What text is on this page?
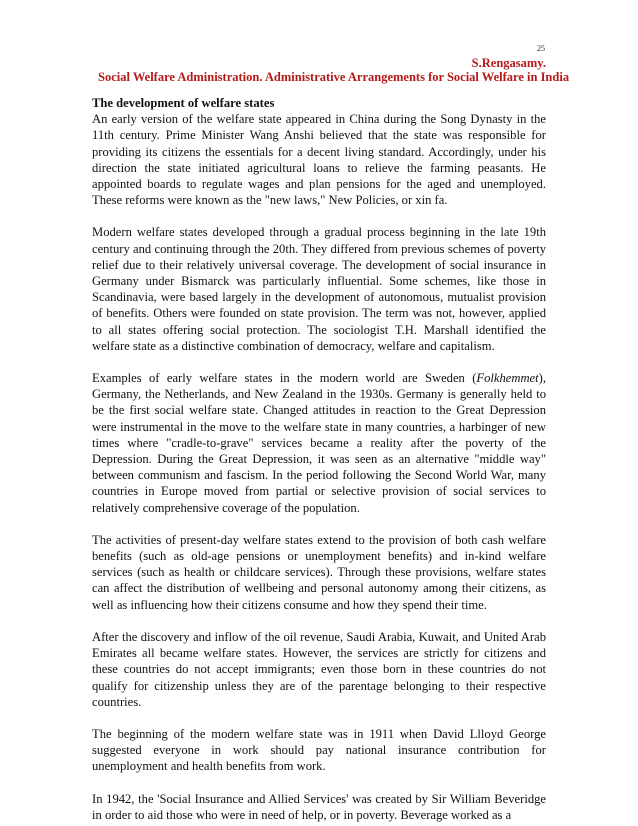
25
S.Rengasamy.
Social Welfare Administration. Administrative Arrangements for Social Welfare in India

The development of welfare states

An early version of the welfare state appeared in China during the Song Dynasty in the 11th century. Prime Minister Wang Anshi believed that the state was responsible for providing its citizens the essentials for a decent living standard. Accordingly, under his direction the state initiated agricultural loans to relieve the farming peasants. He appointed boards to regulate wages and plan pensions for the aged and unemployed. These reforms were known as the "new laws," New Policies, or xin fa.

Modern welfare states developed through a gradual process beginning in the late 19th century and continuing through the 20th. They differed from previous schemes of poverty relief due to their relatively universal coverage. The development of social insurance in Germany under Bismarck was particularly influential. Some schemes, like those in Scandinavia, were based largely in the development of autonomous, mutualist provision of benefits. Others were founded on state provision. The term was not, however, applied to all states offering social protection. The sociologist T.H. Marshall identified the welfare state as a distinctive combination of democracy, welfare and capitalism.

Examples of early welfare states in the modern world are Sweden (Folkhemmet), Germany, the Netherlands, and New Zealand in the 1930s. Germany is generally held to be the first social welfare state. Changed attitudes in reaction to the Great Depression were instrumental in the move to the welfare state in many countries, a harbinger of new times where "cradle-to-grave" services became a reality after the poverty of the Depression. During the Great Depression, it was seen as an alternative "middle way" between communism and fascism. In the period following the Second World War, many countries in Europe moved from partial or selective provision of social services to relatively comprehensive coverage of the population.

The activities of present-day welfare states extend to the provision of both cash welfare benefits (such as old-age pensions or unemployment benefits) and in-kind welfare services (such as health or childcare services). Through these provisions, welfare states can affect the distribution of wellbeing and personal autonomy among their citizens, as well as influencing how their citizens consume and how they spend their time.

After the discovery and inflow of the oil revenue, Saudi Arabia, Kuwait, and United Arab Emirates all became welfare states. However, the services are strictly for citizens and these countries do not accept immigrants; even those born in these countries do not qualify for citizenship unless they are of the parentage belonging to their respective countries.

The beginning of the modern welfare state was in 1911 when David Llloyd George suggested everyone in work should pay national insurance contribution for unemployment and health benefits from work.

In 1942, the 'Social Insurance and Allied Services' was created by Sir William Beveridge in order to aid those who were in need of help, or in poverty. Beverage worked as a
